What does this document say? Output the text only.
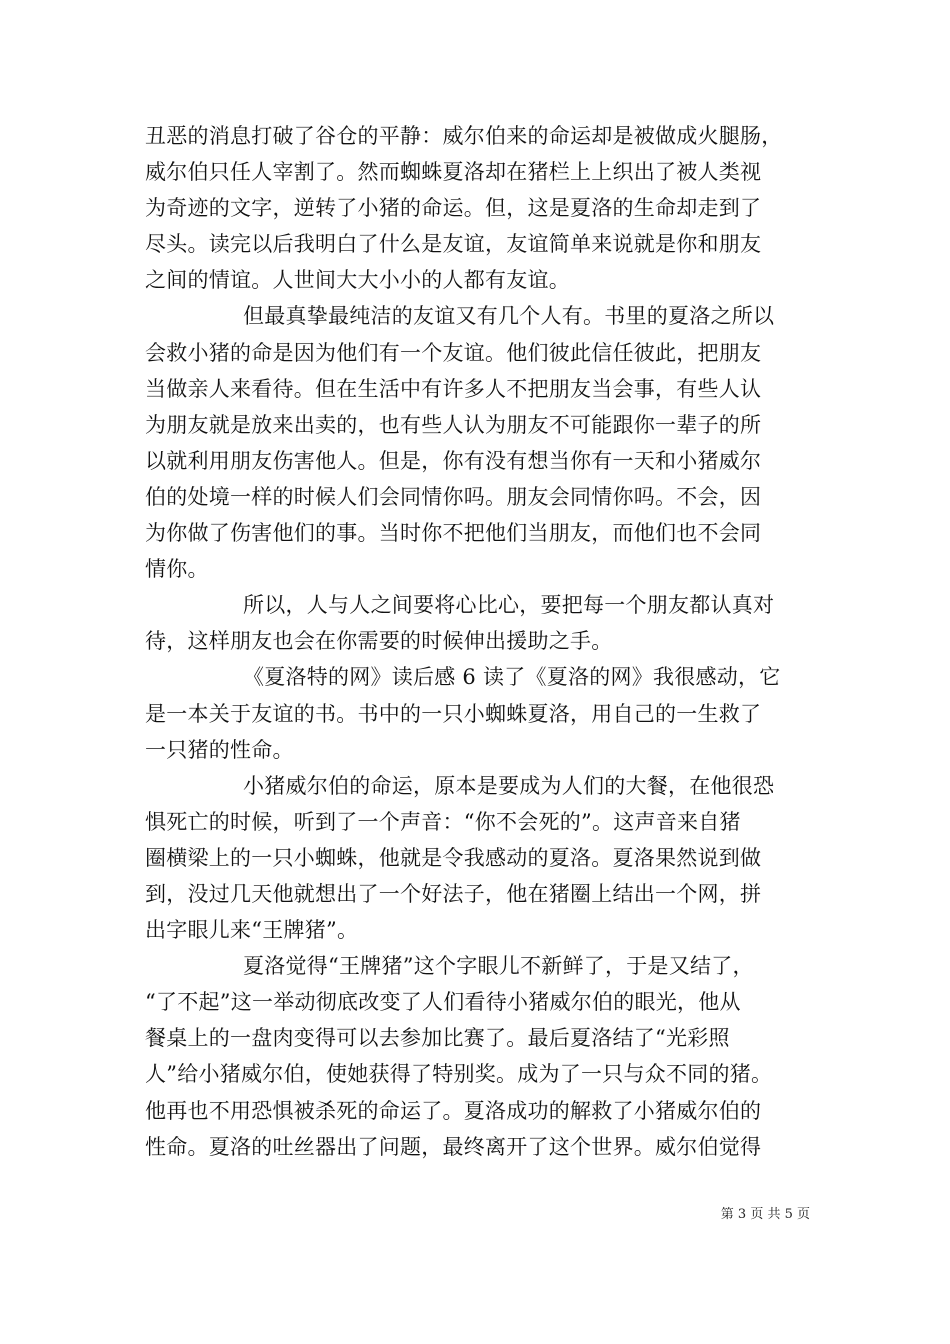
丑恶的消息打破了谷仓的平静：威尔伯来的命运却是被做成火腿肠，
威尔伯只任人宰割了。然而蜘蛛夏洛却在猪栏上上织出了被人类视
为奇迹的文字，逆转了小猪的命运。但，这是夏洛的生命却走到了
尽头。读完以后我明白了什么是友谊，友谊简单来说就是你和朋友
之间的情谊。人世间大大小小的人都有友谊。
但最真挚最纯洁的友谊又有几个人有。书里的夏洛之所以
会救小猪的命是因为他们有一个友谊。他们彼此信任彼此，把朋友
当做亲人来看待。但在生活中有许多人不把朋友当会事，有些人认
为朋友就是放来出卖的，也有些人认为朋友不可能跟你一辈子的所
以就利用朋友伤害他人。但是，你有没有想当你有一天和小猪威尔
伯的处境一样的时候人们会同情你吗。朋友会同情你吗。不会，因
为你做了伤害他们的事。当时你不把他们当朋友，而他们也不会同
情你。
所以，人与人之间要将心比心，要把每一个朋友都认真对
待，这样朋友也会在你需要的时候伸出援助之手。
《夏洛特的网》读后感 6 读了《夏洛的网》我很感动，它
是一本关于友谊的书。书中的一只小蜘蛛夏洛，用自己的一生救了
一只猪的性命。
小猪威尔伯的命运，原本是要成为人们的大餐，在他很恐
惧死亡的时候，听到了一个声音：“你不会死的”。这声音来自猪
圈横梁上的一只小蜘蛛，他就是令我感动的夏洛。夏洛果然说到做
到，没过几天他就想出了一个好法子，他在猪圈上结出一个网，拼
出字眼儿来“王牌猪”。
夏洛觉得“王牌猪”这个字眼儿不新鲜了，于是又结了，
“了不起”这一举动彻底改变了人们看待小猪威尔伯的眼光，他从
餐桌上的一盘肉变得可以去参加比赛了。最后夏洛结了“光彩照
人”给小猪威尔伯，使她获得了特别奖。成为了一只与众不同的猪。
他再也不用恐惧被杀死的命运了。夏洛成功的解救了小猪威尔伯的
性命。夏洛的吐丝器出了问题，最终离开了这个世界。威尔伯觉得
第 3 页 共 5 页
